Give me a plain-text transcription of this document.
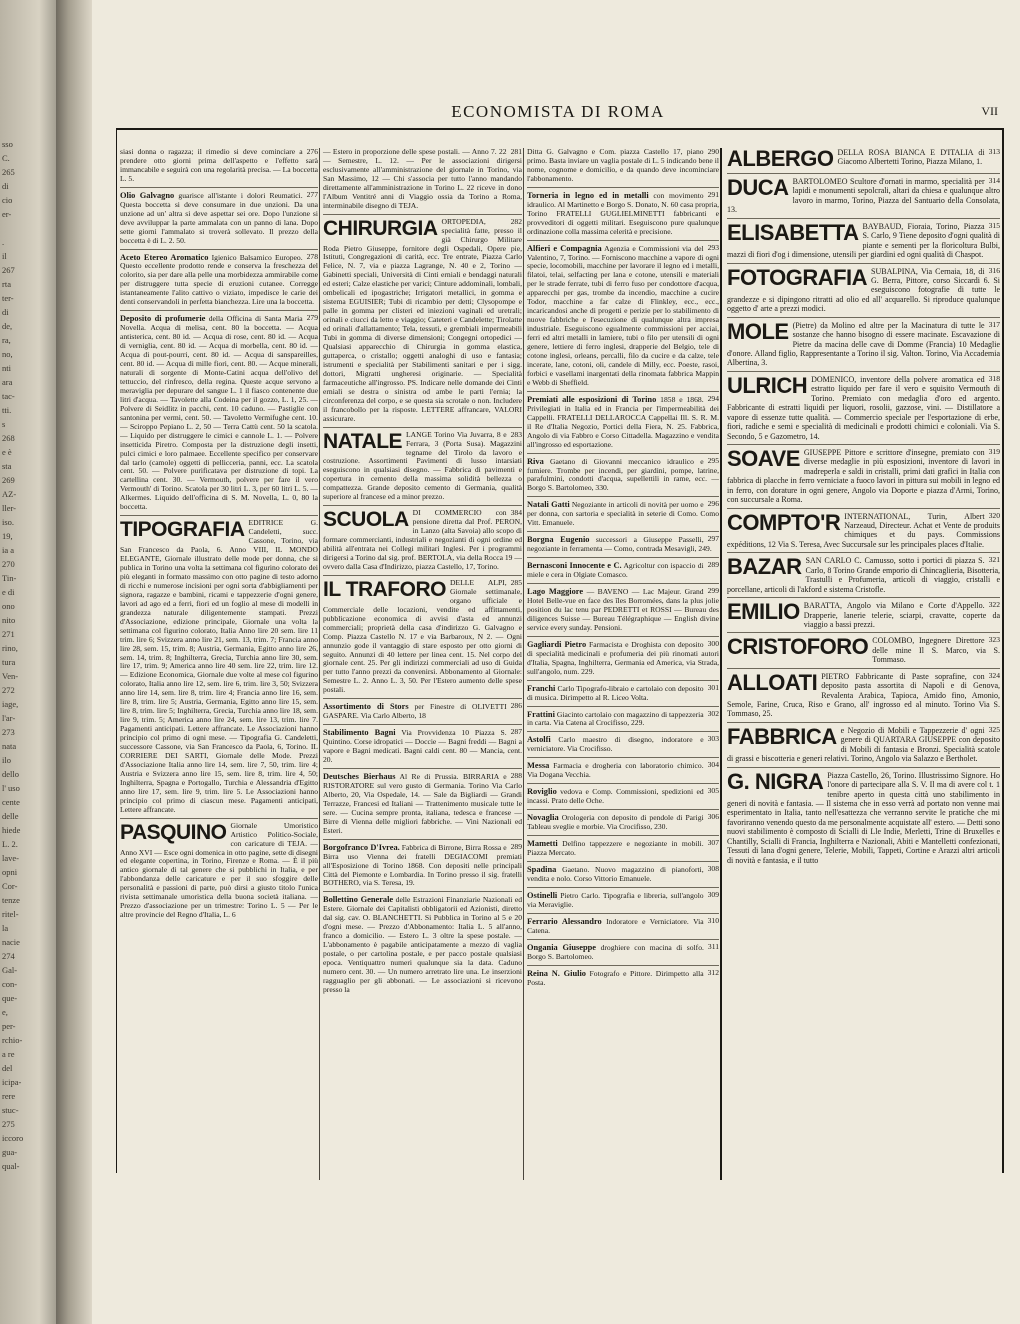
sso
C.
265
di
cio
er-
.
il
267
rta
ter-
di
de,
ra,
no,
nti
ara
tac-
tti.
s
268
e è
sta
269
AZ-
ller-
iso.
19,
ia a
270
Tin-
e di
ono
nito
271
rino,
tura
Ven-
272
iage,
l'ar-
273
nata
ilo
dello
l' uso
cente
delle
hiede
L. 2.
lave-
opni
Cor-
tenze
ritel-
la
nacie
274
Gal-
con-
que-
e,
per-
rchio-
a re
del
icipa-
rere
stuc-
275
iccoro
gua-
qual-
ECONOMISTA DI ROMA	VII
276
siasi donna o ragazza; il rimedio si deve cominciare a prendere otto giorni prima dell'aspetto e l'effetto sarà immancabile e seguirà con una regolarità precisa. — La boccetta L. 5.
277
Olio Galvagno guarisce all'istante i dolori Reumatici. Questa boccetta si deve consumare in due unzioni. Da una unzione ad un' altra si deve aspettar sei ore. Dopo l'unzione si deve avviluppar la parte ammalata con un panno di lana. Dopo sette giorni l'ammalato si troverà sollevato. Il prezzo della boccetta è di L. 2. 50.
278
Aceto Etereo Aromatico Igienico Balsamico Europeo. Questo eccellente prodotto rende e conserva la freschezza del colorito, sia per dare alla pelle una morbidezza ammirabile come per distruggere tutta specie di eruzioni cutanee. Corregge istantaneamente l'alito cattivo o viziato, impedisce le carie dei denti conservandoli in perfetta bianchezza. Lire una la boccetta.
279
Deposito di profumerie della Officina di Santa Maria Novella. Acqua di melisa, cent. 80 la boccetta. — Acqua antisterica, cent. 80 id. — Acqua di rose, cent. 80 id. — Acqua di verniglia, cent. 80 id. — Acqua di morbella, cent. 80 id. — Acqua di pout-pourri, cent. 80 id. — Acqua di sanspareilles, cent. 80 id. — Acqua di mille fiori, cent. 80. — Acque minerali, naturali di sorgente di Monte-Catini acqua dell'olivo del tettuccio, del rinfresco, della regina. Queste acque servono a meraviglia per depurare del sangue L. 1 il fiasco contenente due litri d'acqua. — Tavolette alla Codeina per il gozzo, L. 1, 25. — Polvere di Seidlitz in pacchi, cent. 10 caduno. — Pastiglie con santonina per vermi, cent. 50. — Tavoletto Vermifughe cent. 10. — Sciroppo Pepiano L. 2, 50 — Terra Cattù cent. 50 la scatola. — Liquido per distruggere le cimici e cannole L. 1. — Polvere insetticida Piretro. Composta per la distruzione degli insetti, pulci cimici e loro palmaee. Eccellente specifico per conservare dal tarlo (camole) oggetti di pellicceria, panni, ecc. La scatola cent. 50. — Polvere purificatava per distruzione di topi. La cartellina cent. 30. — Vermouth, polvere per fare il vero Vermouth' di Torino. Scatola per 30 litri L. 3, per 60 litri L. 5. — Alkermes. Liquido dell'officina di S. M. Novella, L. 0, 80 la boccetta.
TIPOGRAFIA EDITRICE G. Candeletti, succ. Cassone, Torino, via San Francesco da Paola, 6. Anno VIII, IL MONDO ELEGANTE, Giornale illustrato delle mode per donna, che si publica in Torino una volta la settimana col figurino colorato dei più eleganti in formato massimo con otto pagine di testo adorno di ricchi e numerose incisioni per ogni sorta d'abbigliamenti per signora, ragazze e bambini, ricami e tappezzerie d'ogni genere, lavori ad ago ed a ferri, fiori ed un foglio al mese di modelli in grandezza naturale diligentemente stampati. Prezzi d'Associazione, edizione principale, Giornale una volta la settimana col figurino colorato, Italia Anno lire 20 sem. lire 11 trim. lire 6; Svizzera anno lire 21, sem. 13, trim. 7; Francia anno lire 28, sem. 15, trim. 8; Austria, Germania, Egitto anno lire 26, sem. 14, trim. 8; Inghilterra, Grecia, Turchia anno lire 30, sem. lire 17, trim. 9; America anno lire 40 sem. lire 22, trim. lire 12. — Edizione Economica, Giornale due volte al mese col figurino colorato, Italia anno lire 12, sem. lire 6, trim. lire 3, 50; Svizzera anno lire 14, sem. lire 8, trim. lire 4; Francia anno lire 16, sem. lire 8, trim. lire 5; Austria, Germania, Egitto anno lire 15, sem. lire 8, trim. lire 5; Inghilterra, Grecia, Turchia anno lire 18, sem. lire 9, trim. 5; America anno lire 24, sem. lire 13, trim. lire 7. Pagamenti anticipati. Lettere affrancate. Le Associazioni hanno principio col primo di ogni mese. — Tipografia G. Candeletti, successore Cassone, via San Francesco da Paola, 6, Torino. IL CORRIERE DEI SARTI, Giornale delle Mode. Prezzi d'Associazione Italia anno lire 14, sem. lire 7, 50, trim. lire 4; Austria e Svizzera anno lire 15, sem. lire 8, trim. lire 4, 50; Inghilterra, Spagna e Portogallo, Turchia e Alessandria d'Egitto anno lire 17, sem. lire 9, trim. lire 5. Le Associazioni hanno principio col primo di ciascun mese. Pagamenti anticipati, Lettere affrancate.
PASQUINO Giornale Umoristico Artistico Politico-Sociale, con caricature di TEJA. — Anno XVI — Esce ogni domenica in otto pagine, sette di disegni ed elegante copertina, in Torino, Firenze e Roma. — È il più antico giornale di tal genere che si pubblichi in Italia, e per l'abbondanza delle caricature e per il suo sfoggire delle personalità e passioni di parte, può dirsi a giusto titolo l'unica rivista settimanale umoristica della buona società italiana. — Prezzo d'associazione per un trimestre: Torino L. 5 — Per le altre provincie del Regno d'Italia, L. 6
281
— Estero in proporzione delle spese postali. — Anno 7. 22 — Semestre, L. 12. — Per le associazioni dirigersi esclusivamente all'amministrazione del giornale in Torino, via San Massimo, 12 — Chi s'associa per tutto l'anno mandando direttamente all'amministrazione in Torino L. 22 riceve in dono l'Album Ventitré anni di Viaggio ossia da Torino a Roma, interminabile disegno di TEJA.
282
CHIRURGIA ORTOPEDIA, specialità fatte, presso il già Chirurgo Militare Roda Pietro Giuseppe, fornitore degli Ospedali, Opere pie, Istituti, Congregazioni di carità, ecc. Tre entrate, Piazza Carlo Felice, N. 7, via e piazza Lagrange, N. 40 e 2, Torino — Gabinetti speciali, Università di Cinti erniali e bendaggi naturali ed esteri; Calze elastiche per varici; Cinture addominali, lombali, ombelicali ed ipogastriche; Irrigatori metallici, in gomma e sistema EGUISIER; Tubi di ricambio per detti; Clysopompe e palle in gomma per clisteri ed iniezioni vaginali ed uretrali; orinali e ciucci da letto e viaggio; Cateteri e Candelette; Tirolatte ed orinali d'allattamento; Tela, tessuti, e grembiali impermeabili Tubi in gomma di diverse dimensioni; Congegni ortopedici — Qualsiasi apparecchio di Chirurgia in gomma elastica, guttaperca, o cristallo; oggetti analoghi di uso e fantasia; istrumenti e specialità per Stabilimenti sanitari e per i sigg. dottori, Migratti ungheresi originarie. — Specialità farmaceutiche all'ingrosso. PS. Indicare nelle domande dei Cinti erniali se destra o sinistra od ambe le parti l'ernia; la circonferenza del corpo, e se questa sia scrotale o non. Includere il francobollo per la risposte. LETTERE affrancare, VALORI assicurare.
283
NATALE LANGE Torino Via Juvarra, 8 e Ferrara, 3 (Porta Susa). Magazzini tegname del Tirolo da lavoro e costruzione. Assortimenti Pavimenti di lusso intarsiati eseguiscono in qualsiasi disegno. — Fabbrica di pavimenti e copertura in cemento della massima solidità bellezza o compattezza. Grande deposito cemento di Germania, qualità superiore al francese ed a minor prezzo.
384
SCUOLA DI COMMERCIO con pensione diretta dal Prof. PERON, in Lanzo (alta Savoia) allo scopo di formare commercianti, industriali e negozianti di ogni ordine ed abilità all'entrata nei Collegi militari Inglesi. Per i programmi dirigersi a Torino dal sig. prof. BERTOLA, via della Rocca 19 — ovvero dalla Casa d'Indirizzo, piazza Castello, 17, Torino.
285
IL TRAFORO DELLE ALPI, Giornale settimanale, organo ufficiale e Commerciale delle locazioni, vendite ed affittamenti, pubblicazione economica di avvisi d'asta ed annunzi commerciali; proprietà della casa d'indirizzo G. Galvagno e Comp. Piazza Castello N. 17 e via Barbaroux, N 2. — Ogni annunzio gode il vantaggio di stare esposto per otto giorni di seguito. Annunzi di 40 lettere per linea cent. 15. Nel corpo del giornale cent. 25. Per gli indirizzi commerciali ad uso di Guida per tutto l'anno prezzi da convenirsi. Abbonamento al Giornale: Semestre L. 2. Anno L. 3, 50. Per l'Estero aumento delle spese postali.
286
Assortimento di Stors per Finestre di OLIVETTI GASPARE. Via Carlo Alberto, 18
287
Stabilimento Bagni Via Provvidenza 10 Piazza S. Quintino. Corse idropatici — Doccie — Bagni freddi — Bagni a vapore e Bagni medicati. Bagni caldi cent. 80 — Mancia, cent. 20.
288
Deutsches Bierhaus Al Re di Prussia. BIRRARIA e RISTORATORE sul vero gusto di Germania. Torino Via Carlo Alberto, 20, Via Ospedale, 14. — Sale da Bigliardi — Grandi Terrazze, Francesi ed Italiani — Trattenimento musicale tutte le sere. — Cucina sempre pronta, italiana, tedesca e francese — Birre di Vienna delle migliori fabbriche. — Vini Nazionali ed Esteri.
289
Borgofranco D'Ivrea. Fabbrica di Birrone, Birra Rossa e Birra uso Vienna dei fratelli DEGIACOMI premiati all'Esposizione di Torino 1868. Con depositi nelle principali Città del Piemonte e Lombardia. In Torino presso il sig. fratelli BOTHERO, via S. Teresa, 19.
Bollettino Generale delle Estrazioni Finanziarie Nazionali ed Estere. Giornale dei Capitalisti obbligatorii ed Azionisti, diretto dal sig. cav. O. BLANCHETTI. Si Pubblica in Torino al 5 e 20 d'ogni mese. — Prezzo d'Abbonamento: Italia L. 5 all'anno, franco a domicilio. — Estero L. 3 oltre la spese postale. — L'abbonamento è pagabile anticipatamente a mezzo di vaglia postale, o per cartolina postale, e per pacco postale qualsiasi epoca. Ventiquattro numeri qualunque sia la data. Caduno numero cent. 30. — Un numero arretrato lire una. Le inserzioni ragguaglio per gli abbonati. — Le associazioni si ricevono presso la
290
Ditta G. Galvagno e Com. piazza Castello 17, piano primo. Basta inviare un vaglia postale di L. 5 indicando bene il nome, cognome e domicilio, e da quando deve incominciare l'abbonamento.
291
Torneria in legno ed in metalli con movimento idraulico. Al Martinetto e Borgo S. Donato, N. 60 casa propria, Torino FRATELLI GUGLIELMINETTI fabbricanti e provveditori di oggetti militari. Eseguiscono pure qualunque ordinazione colla massima celerità e precisione.
293
Alfieri e Compagnia Agenzia e Commissioni via del Valentino, 7, Torino. — Forniscono macchine a vapore di ogni specie, locomobili, macchine per lavorare il legno ed i metalli, filatoi, telai, selfacting per lana e cotone, utensili e materiali per le strade ferrate, tubi di ferro fuso per condottore d'acqua, apparecchi per gas, trombe da incendio, macchine a cucire Todor, macchine a far calze di Flinkley, ecc., ecc., incaricandosi anche di progetti e perizie per lo stabilimento di nuove fabbriche e l'esecuzione di qualunque altra impresa industriale. Eseguiscono egualmente commissioni per acciai, ferri ed altri metalli in lamiere, tubi o filo per utensili di ogni genere, lettiere di ferro inglesi, drapperie del Belgio, tele di cotone inglesi, orleans, percalli, filo da cucire e da calze, tele incerate, lane, cotoni, oli, candele di Milly, ecc. Poeste, rasoi, forbici e vasellami inargentati della rinomata fabbrica Mappin e Webb di Sheffield.
294
Premiati alle esposizioni di Torino 1858 e 1868. Privilegiati in Italia ed in Francia per l'impermeabilità dei Cappelli. FRATELLI DELLAROCCA Cappellai Ill. S. R. M. il Re d'Italia Negozio, Portici della Fiera, N. 25. Fabbrica, Angolo di via Fabbro e Corso Cittadella. Magazzino e vendita all'ingrosso ed esportazione.
295
Riva Gaetano di Giovanni meccanico idraulico e fumiere. Trombe per incendi, per giardini, pompe, latrine, parafulmini, condotti d'acqua, supellettili in rame, ecc. — Borgo S. Bartolomeo, 330.
296
Natali Gatti Negoziante in articoli di novità per uomo e per donna, con sartoria e specialità in seterie di Como. Como Vitt. Emanuele.
297
Borgna Eugenio successori a Giuseppe Passelli, negoziante in ferramenta — Como, contrada Mesavigli, 249.
289
Bernasconi Innocente e C. Agricoltur con ispaccio di miele e cera in Olgiate Comasco.
299
Lago Maggiore — BAVENO — Lac Majeur. Grand Hotel Belle-vue en face des îles Borromées, dans la plus jolie position du lac tenu par PEDRETTI et ROSSI — Bureau des diligences Suisse — Bureau Télégraphique — English divine service every sunday. Pensioni.
300
Gagliardi Pietro Farmacista e Droghista con deposito di specialità medicinali e profumeria dei più rinomati autori d'Italia, Spagna, Inghilterra, Germania ed America, via Strada, sull'angolo, num. 229.
301
Franchi Carlo Tipografo-libraio e cartolaio con deposito di musica. Dirimpetto al R. Liceo Volta.
302
Frattini Giacinto cartolaio con magazzino di tappezzeria in carta. Via Catena al Crocifisso, 229.
303
Astolfi Carlo maestro di disegno, indoratore e verniciatore. Via Crocifisso.
304
Messa Farmacia e drogheria con laboratorio chimico. Via Dogana Vecchia.
305
Roviglio vedova e Comp. Commissioni, spedizioni ed incassi. Prato delle Oche.
306
Novaglia Orologeria con deposito di pendole di Parigi Tableau sveglie e morbie. Via Crocifisso, 230.
307
Mametti Delfino tappezzere e negoziante in mobili. Piazza Mercato.
308
Spadina Gaetano. Nuovo magazzino di pianoforti, vendita e nolo. Corso Vittorio Emanuele.
309
Ostinelli Pietro Carlo. Tipografia e libreria, sull'angolo via Meraviglie.
310
Ferrario Alessandro Indoratore e Verniciatore. Via Catena.
311
Ongania Giuseppe droghiere con macina di solfo. Borgo S. Bartolomeo.
312
Reina N. Giulio Fotografo e Pittore. Dirimpetto alla Posta.
313
ALBERGO DELLA ROSA BIANCA E D'ITALIA di Giacomo Albertetti Torino, Piazza Milano, 1.
314
DUCA BARTOLOMEO Scultore d'ornati in marmo, specialità per lapidi e monumenti sepolcrali, altari da chiesa e qualunque altro lavoro in marmo, Torino, Piazza del Santuario della Consolata, 13.
315
ELISABETTA BAYBAUD, Fioraia, Torino, Piazza S. Carlo, 9 Tiene deposito d'ogni qualità di piante e sementi per la floricoltura Bulbi, mazzi di fiori d'og i dimensione, utensili per giardini ed ogni qualità di Chaspot.
316
FOTOGRAFIA SUBALPINA, Via Cernaia, 18, di G. Berra, Pittore, corso Siccardi 6. Si eseguiscono fotografie di tutte le grandezze e si dipingono ritratti ad olio ed all' acquarello. Si riproduce qualunque oggetto d' arte a prezzi modici.
317
MOLE (Pietre) da Molino ed altre per la Macinatura di tutte le sostanze che hanno bisogno di essere macinate. Escavazione di Pietre da macina delle cave di Domme (Francia) 10 Medaglie d'onore. Alland figlio, Rappresentante a Torino il sig. Valton. Torino, Via Accademia Albertina, 3.
318
ULRICH DOMENICO, inventore della polvere aromatica ed estratto liquido per fare il vero e squisito Vermouth di Torino. Premiato con medaglia d'oro ed argento. Fabbricante di estratti liquidi per liquori, rosolii, gazzose, vini. — Distillatore a vapore di essenze tutte qualità. — Commercio speciale per l'esportazione di erbe, fiori, radiche e semi e specialità di medicinali e prodotti chimici e coloniali. Via S. Secondo, 5 e Gazometro, 14.
319
SOAVE GIUSEPPE Pittore e scrittore d'insegne, premiato con diverse medaglie in più esposizioni, inventore di lavori in madreperla e saldi in cristalli, primi dati grafici in Italia con fabbrica di placche in ferro verniciate a fuoco lavori in pittura sui mobili in legno ed in ferro, con dorature in ogni genere, Angolo via Doporte e piazza d'Armi, Torino, con succursale a Roma.
320
COMPTO'R INTERNATIONAL, Turin, Albert Narzeaud, Directeur. Achat et Vente de produits chimiques et du pays. Commissions expéditions, 12 Via S. Teresa, Avec Succursale sur les principales places d'Italie.
321
BAZAR SAN CARLO C. Camusso, sotto i portici di piazza S. Carlo, 8 Torino Grande emporio di Chincaglieria, Bisotteria, Trastulli e Profumeria, articoli di viaggio, cristalli e porcellane, articoli di l'akford e sistema Cristofle.
322
EMILIO BARATTA, Angolo via Milano e Corte d'Appello. Drapperie, lanerie telerie, sciarpi, cravatte, coperte da viaggio a bassi prezzi.
323
CRISTOFORO COLOMBO, Ingegnere Direttore delle mine Il S. Marco, via S. Tommaso.
324
ALLOATI PIETRO Fabbricante di Paste soprafine, con deposito pasta assortita di Napoli e di Genova, Revalenta Arabica, Tapioca, Amido fino, Amonio, Semole, Farine, Cruca, Riso e Grano, all' ingrosso ed al minuto. Torino Via S. Tommaso, 25.
325
FABBRICA e Negozio di Mobili e Tappezzerie d' ogni genere di QUARTARA GIUSEPPE con deposito di Mobili di fantasia e Bronzi. Specialità scatole di grassi e biscotteria e generi relativi. Torino, Angolo via Salazzo e Bertholet.
G. NIGRA Piazza Castello, 26, Torino. Illustrissimo Signore. Ho l'onore di partecipare alla S. V. Il ma di avere col t. 1 tenibre aperto in questa città uno stabilimento in generi di novità e fantasia. — Il sistema che in esso verrà ad portato non venne mai esperimentato in Italia, tanto nell'esattezza che verranno servite le pratiche che mi favoriranno venendo questo da me personalmente acquistate all' estero. — Detti sono nuovi stabilimento è composto di Scialli di Lle Indie, Merletti, Trine di Bruxelles e Chantilly, Scialli di Francia, Inghilterra e Nazionali, Abiti e Mantelletti confezionati, Tessuti di lana d'ogni genere, Telerie, Mobili, Tappeti, Cortine e Arazzi altri articoli di novità e fantasia, e il tutto
